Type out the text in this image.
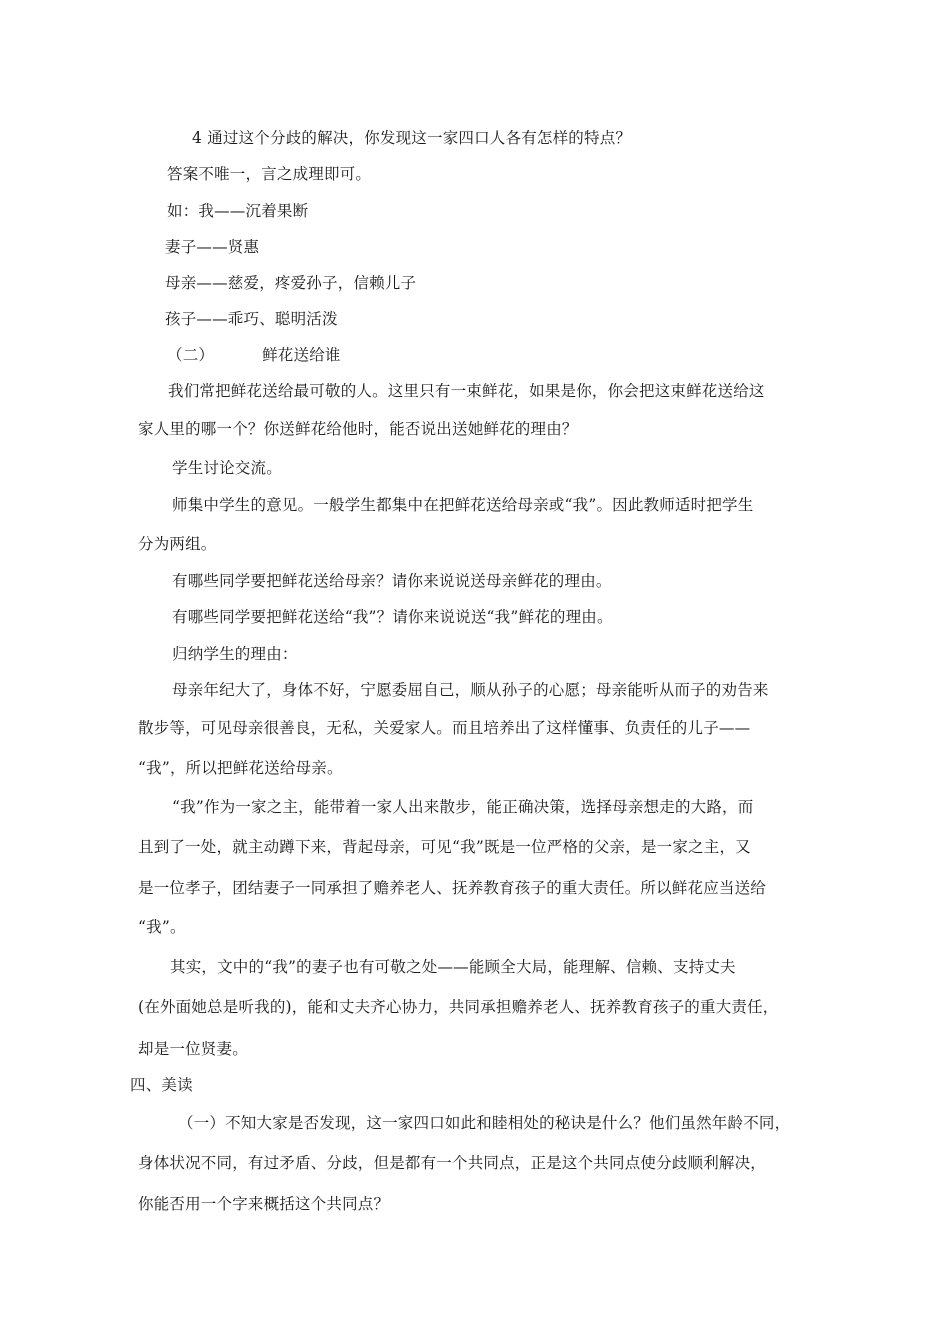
4 通过这个分歧的解决，你发现这一家四口人各有怎样的特点？
答案不唯一，言之成理即可。
如：我——沉着果断
妻子——贤惠
母亲——慈爱，疼爱孙子，信赖儿子
孩子——乖巧、聪明活泼
（二）	鲜花送给谁
我们常把鲜花送给最可敬的人。这里只有一束鲜花，如果是你，你会把这束鲜花送给这
家人里的哪一个？你送鲜花给他时，能否说出送她鲜花的理由？
学生讨论交流。
师集中学生的意见。一般学生都集中在把鲜花送给母亲或“我”。因此教师适时把学生
分为两组。
有哪些同学要把鲜花送给母亲？请你来说说送母亲鲜花的理由。
有哪些同学要把鲜花送给“我”？请你来说说送“我”鲜花的理由。
归纳学生的理由：
母亲年纪大了，身体不好，宁愿委屈自己，顺从孙子的心愿；母亲能听从而子的劝告来
散步等，可见母亲很善良，无私，关爱家人。而且培养出了这样懂事、负责任的儿子——
“我”，所以把鲜花送给母亲。
“我”作为一家之主，能带着一家人出来散步，能正确决策，选择母亲想走的大路，而
且到了一处，就主动蹲下来，背起母亲，可见“我”既是一位严格的父亲，是一家之主，又
是一位孝子，团结妻子一同承担了赡养老人、抚养教育孩子的重大责任。所以鲜花应当送给
“我”。
其实，文中的“我”的妻子也有可敬之处——能顾全大局，能理解、信赖、支持丈夫
(在外面她总是听我的)，能和丈夫齐心协力，共同承担赡养老人、抚养教育孩子的重大责任，
却是一位贤妻。
四、美读
（一）不知大家是否发现，这一家四口如此和睦相处的秘诀是什么？他们虽然年龄不同，
身体状况不同，有过矛盾、分歧，但是都有一个共同点，正是这个共同点使分歧顺利解决，
你能否用一个字来概括这个共同点？
